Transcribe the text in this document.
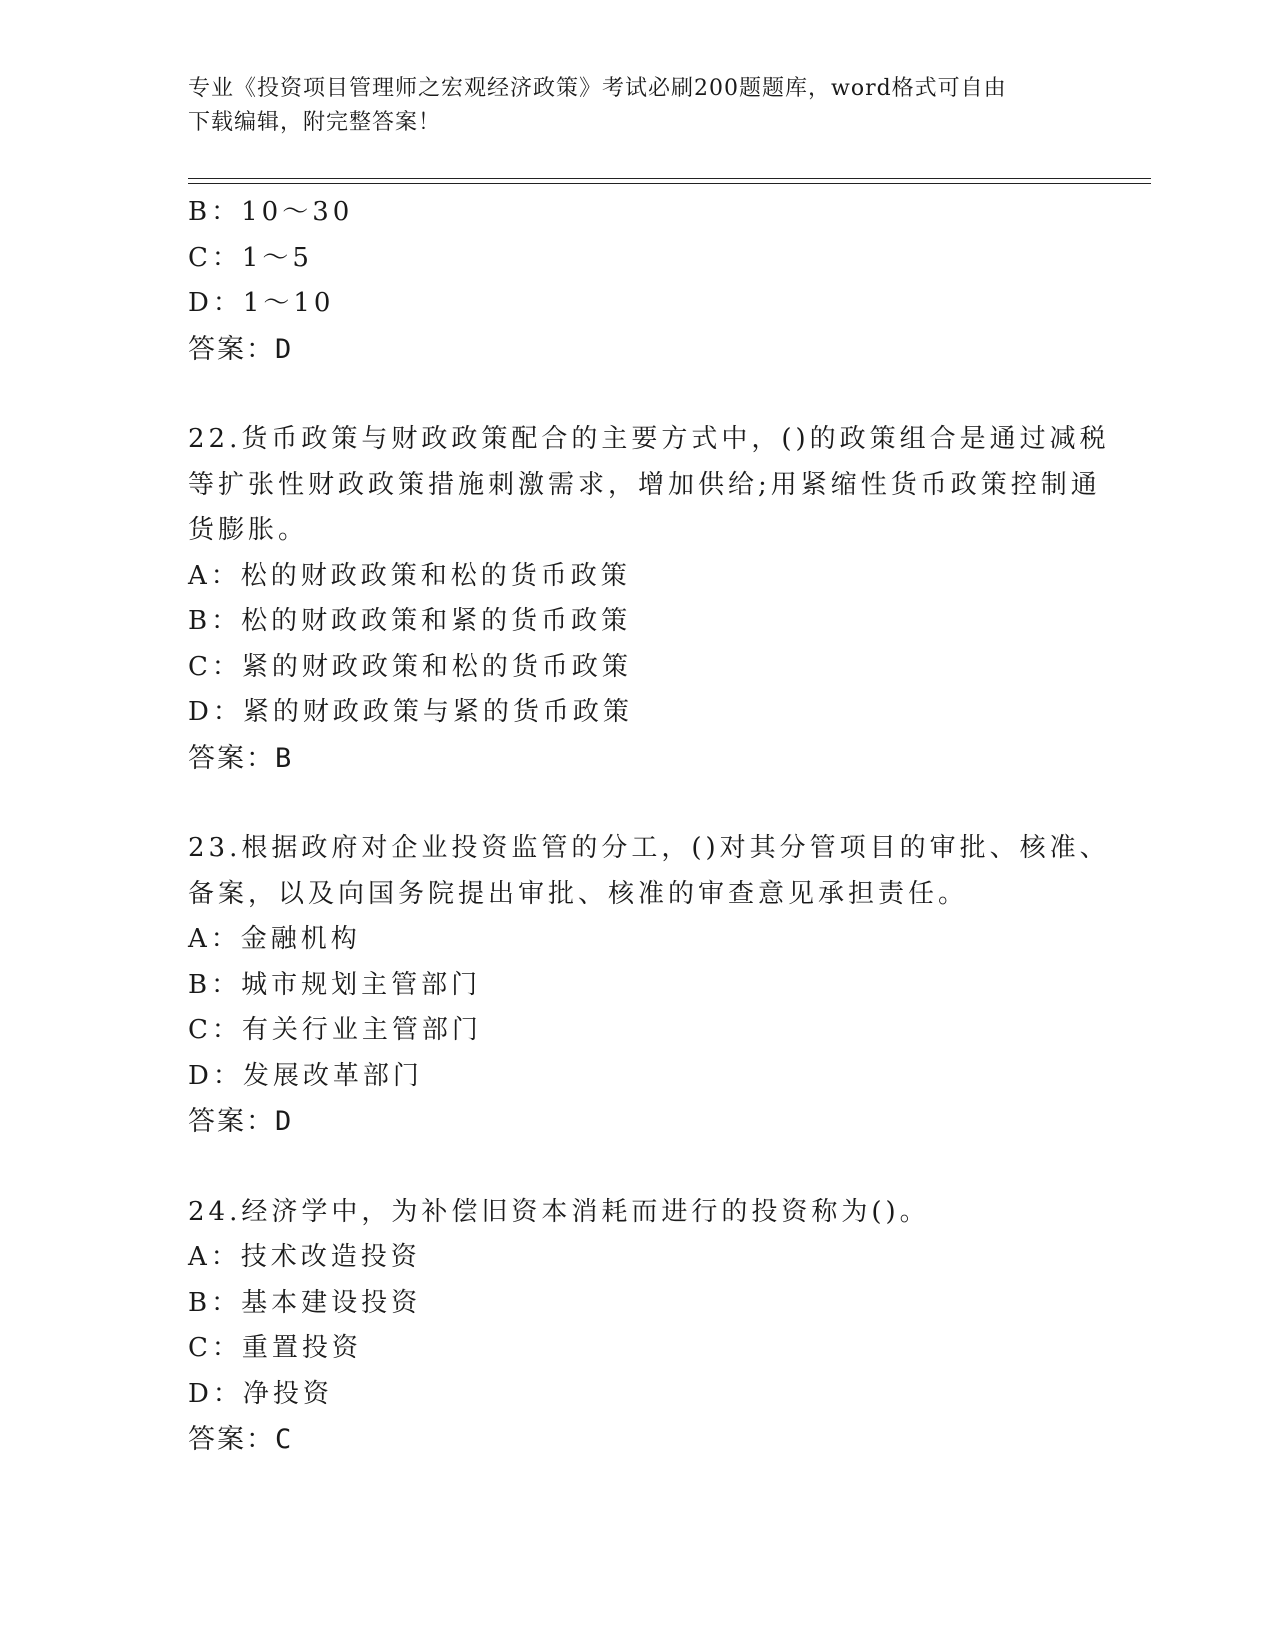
专业《投资项目管理师之宏观经济政策》考试必刷200题题库，word格式可自由
下载编辑，附完整答案！
B：10～30
C：1～5
D：1～10
答案：D
22.货币政策与财政政策配合的主要方式中，()的政策组合是通过减税
等扩张性财政政策措施刺激需求，增加供给;用紧缩性货币政策控制通
货膨胀。
A：松的财政政策和松的货币政策
B：松的财政政策和紧的货币政策
C：紧的财政政策和松的货币政策
D：紧的财政政策与紧的货币政策
答案：B
23.根据政府对企业投资监管的分工，()对其分管项目的审批、核准、
备案，以及向国务院提出审批、核准的审查意见承担责任。
A：金融机构
B：城市规划主管部门
C：有关行业主管部门
D：发展改革部门
答案：D
24.经济学中，为补偿旧资本消耗而进行的投资称为()。
A：技术改造投资
B：基本建设投资
C：重置投资
D：净投资
答案：C
